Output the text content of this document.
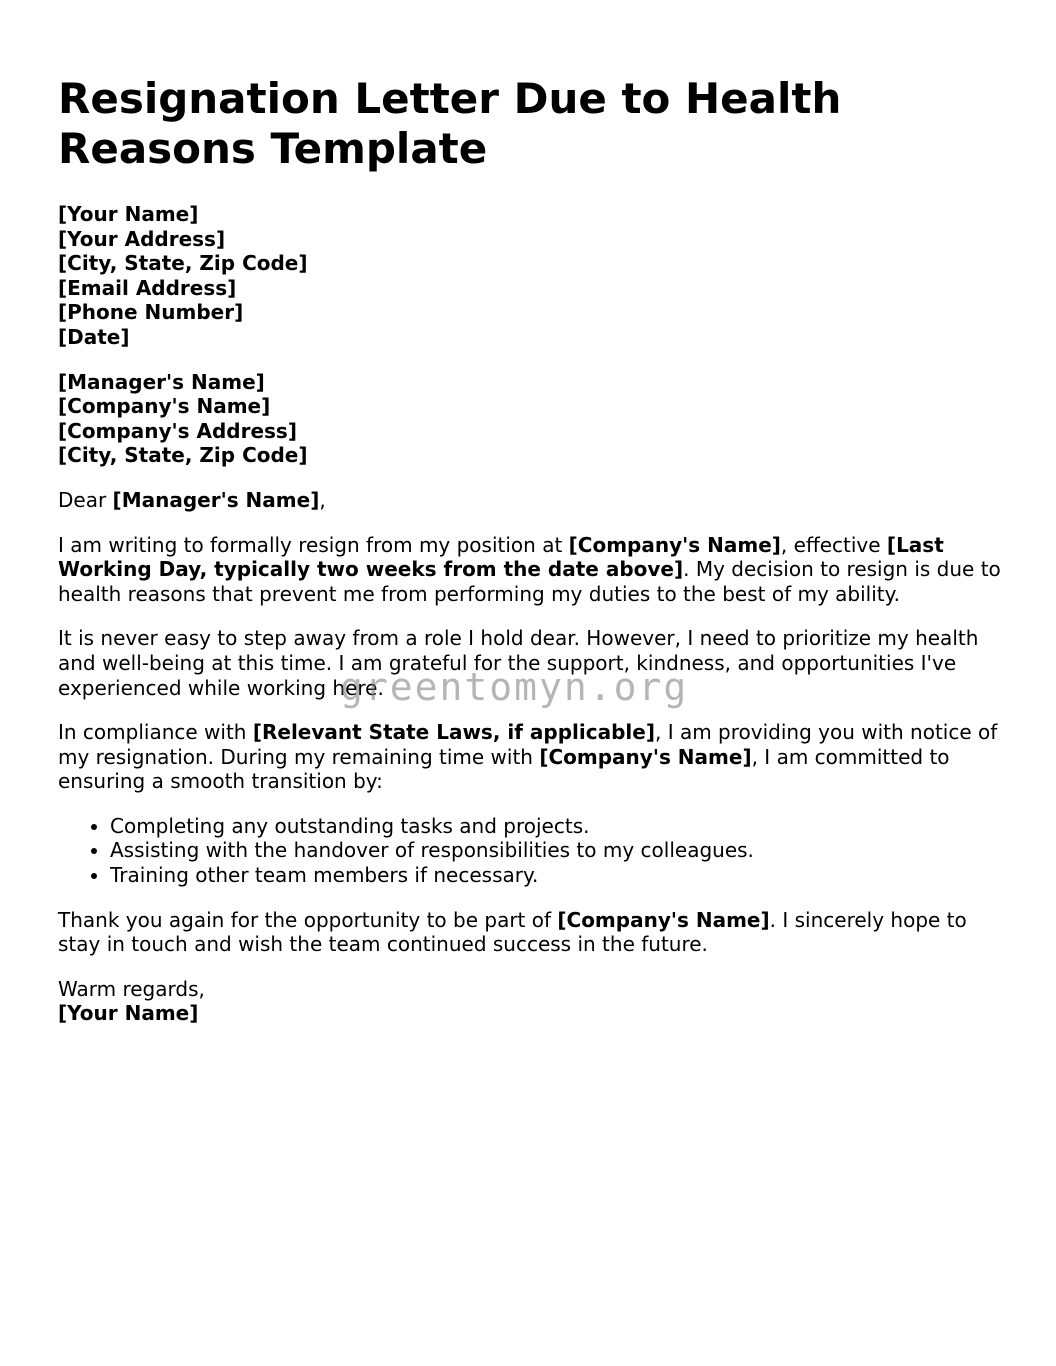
Resignation Letter Due to Health Reasons Template
[Your Name]
[Your Address]
[City, State, Zip Code]
[Email Address]
[Phone Number]
[Date]
[Manager's Name]
[Company's Name]
[Company's Address]
[City, State, Zip Code]

Dear [Manager's Name],

I am writing to formally resign from my position at [Company's Name], effective [Last Working Day, typically two weeks from the date above]. My decision to resign is due to health reasons that prevent me from performing my duties to the best of my ability.

It is never easy to step away from a role I hold dear. However, I need to prioritize my health and well-being at this time. I am grateful for the support, kindness, and opportunities I've experienced while working here.

In compliance with [Relevant State Laws, if applicable], I am providing you with notice of my resignation. During my remaining time with [Company's Name], I am committed to ensuring a smooth transition by:

• Completing any outstanding tasks and projects.
• Assisting with the handover of responsibilities to my colleagues.
• Training other team members if necessary.

Thank you again for the opportunity to be part of [Company's Name]. I sincerely hope to stay in touch and wish the team continued success in the future.

Warm regards,
[Your Name]

greentomyn.org
